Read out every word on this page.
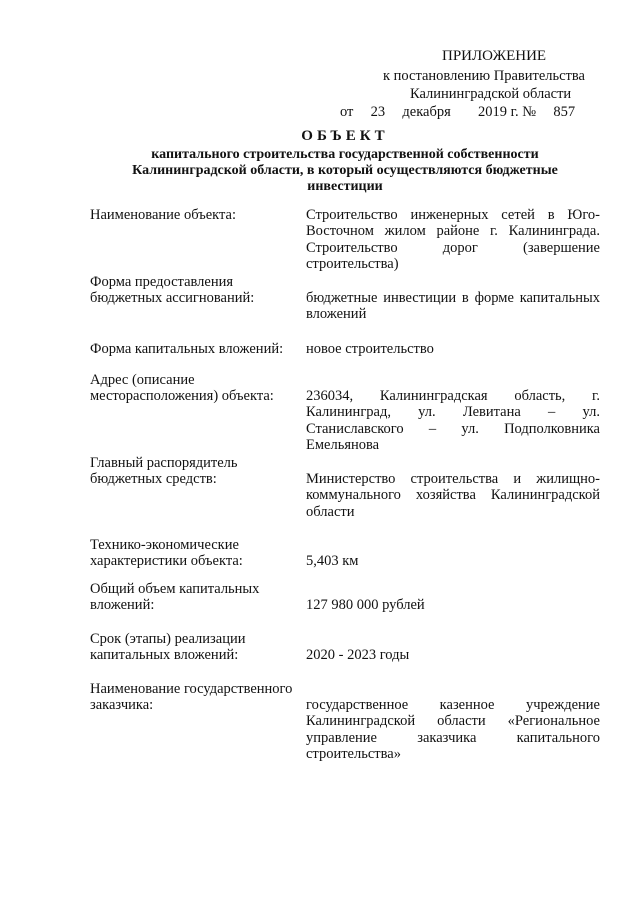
ПРИЛОЖЕНИЕ
к постановлению Правительства
Калининградской области
от 23 декабря 2019 г. № 857
ОБЪЕКТ
капитального строительства государственной собственности Калининградской области, в который осуществляются бюджетные инвестиции
Наименование объекта:	Строительство инженерных сетей в Юго-Восточном жилом районе г. Калининграда. Строительство дорог (завершение строительства)
Форма предоставления
бюджетных ассигнований:	бюджетные инвестиции в форме капитальных вложений
Форма капитальных вложений:	новое строительство
Адрес (описание
месторасположения) объекта:	236034, Калининградская область, г. Калининград, ул. Левитана – ул. Станиславского – ул. Подполковника Емельянова
Главный распорядитель
бюджетных средств:	Министерство строительства и жилищно-коммунального хозяйства Калининградской области
Технико-экономические
характеристики объекта:	5,403 км
Общий объем капитальных
вложений:	127 980 000 рублей
Срок (этапы) реализации
капитальных вложений:	2020 - 2023 годы
Наименование государственного
заказчика:	государственное казенное учреждение Калининградской области «Региональное управление заказчика капитального строительства»
